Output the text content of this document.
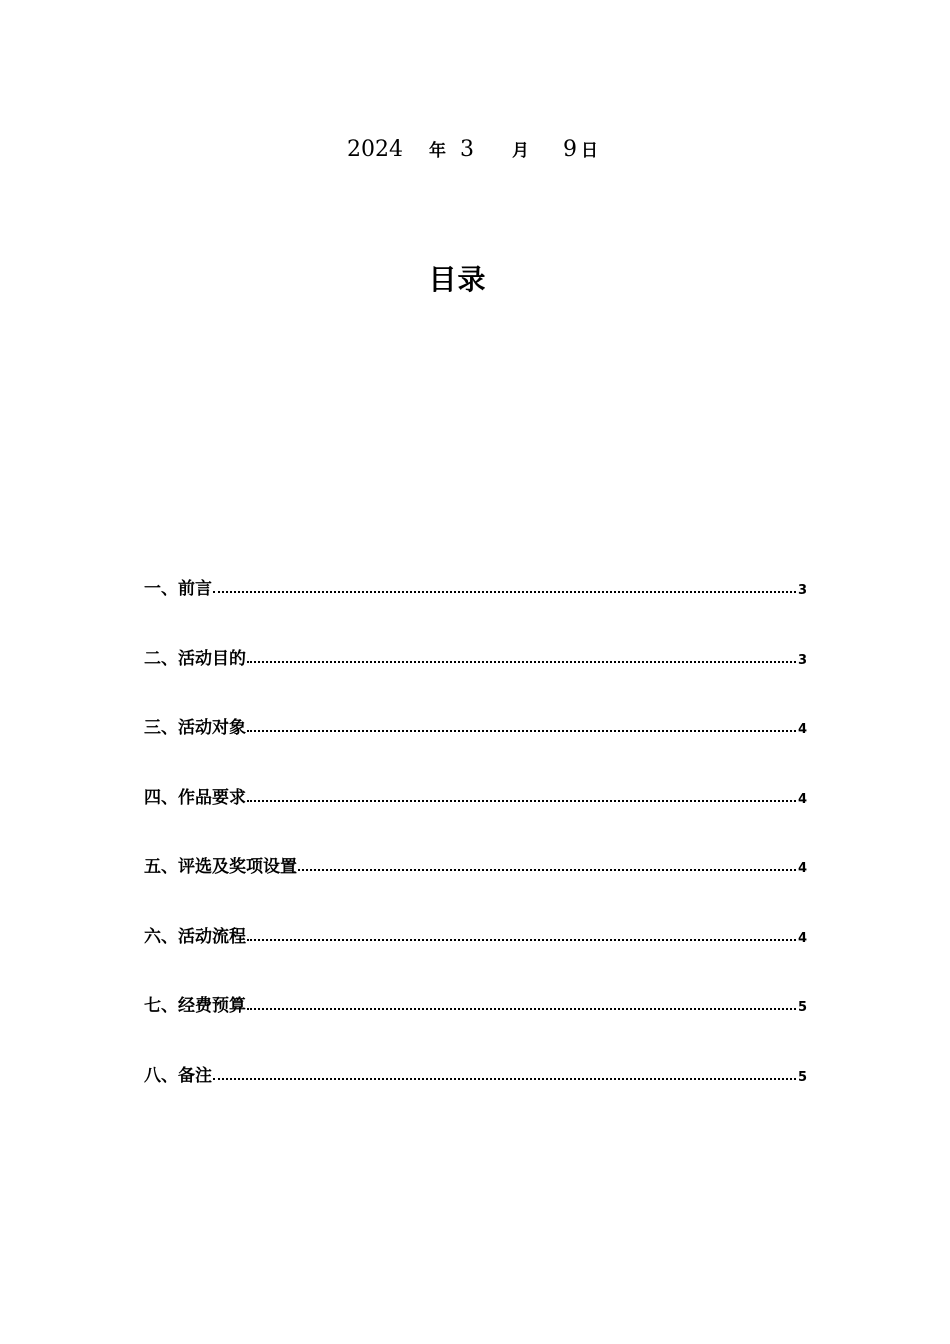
2024 年 3 月 9 日
目录
一、前言	3
二、活动目的	3
三、活动对象	4
四、作品要求	4
五、评选及奖项设置	4
六、活动流程	4
七、经费预算	5
八、备注	5
